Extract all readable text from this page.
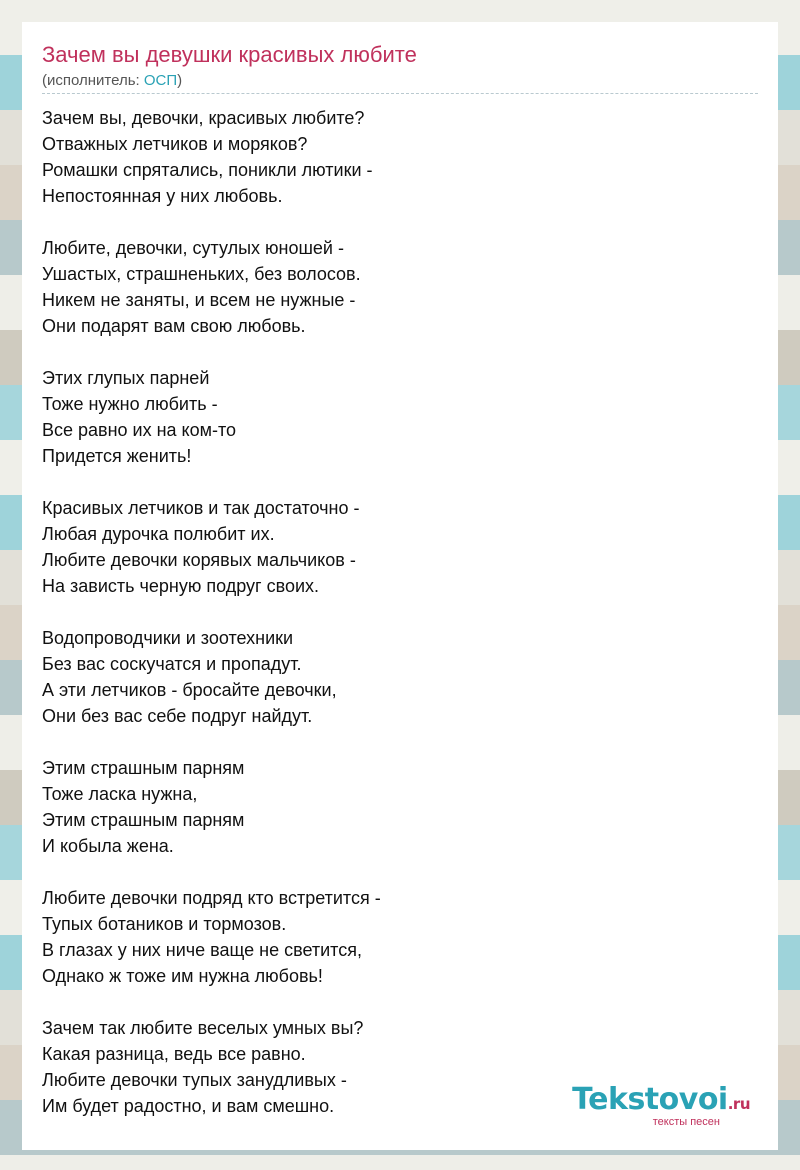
Зачем вы девушки красивых любите
(исполнитель: ОСП)
Зачем вы, девочки, красивых любите?
Отважных летчиков и моряков?
Ромашки спрятались, поникли лютики -
Непостоянная у них любовь.
Любите, девочки, сутулых юношей -
Ушастых, страшненьких, без волосов.
Никем не заняты, и всем не нужные -
Они подарят вам свою любовь.
Этих глупых парней
Тоже нужно любить -
Все равно их на ком-то
Придется женить!
Красивых летчиков и так достаточно -
Любая дурочка полюбит их.
Любите девочки корявых мальчиков -
На зависть черную подруг своих.
Водопроводчики и зоотехники
Без вас соскучатся и пропадут.
А эти летчиков - бросайте девочки,
Они без вас себе подруг найдут.
Этим страшным парням
Тоже ласка нужна,
Этим страшным парням
И кобыла жена.
Любите девочки подряд кто встретится -
Тупых ботаников и тормозов.
В глазах у них ниче ваще не светится,
Однако ж тоже им нужна любовь!
Зачем так любите веселых умных вы?
Какая разница, ведь все равно.
Любите девочки тупых занудливых -
Им будет радостно, и вам смешно.	Tekstovoi.ru
тексты песен
